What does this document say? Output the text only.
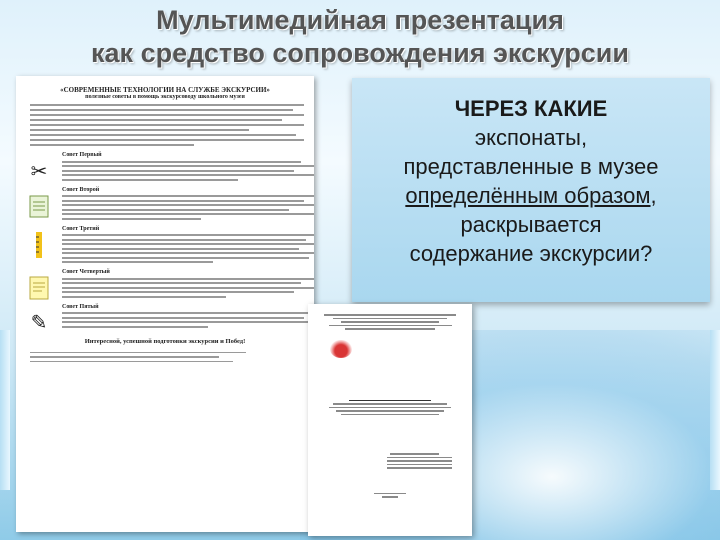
Мультимедийная презентация
как средство сопровождения экскурсии
«СОВРЕМЕННЫЕ ТЕХНОЛОГИИ НА СЛУЖБЕ ЭКСКУРСИИ»
полезные советы в помощь экскурсоводу школьного музея
✂
Совет Первый
Совет Второй
Совет Третий
Совет Четвертый
✎
Совет Пятый
Интересной, успешной подготовки экскурсии и Побед!
ЧЕРЕЗ КАКИЕ
экспонаты,
представленные в музее
определённым образом,
раскрывается
содержание экскурсии?
